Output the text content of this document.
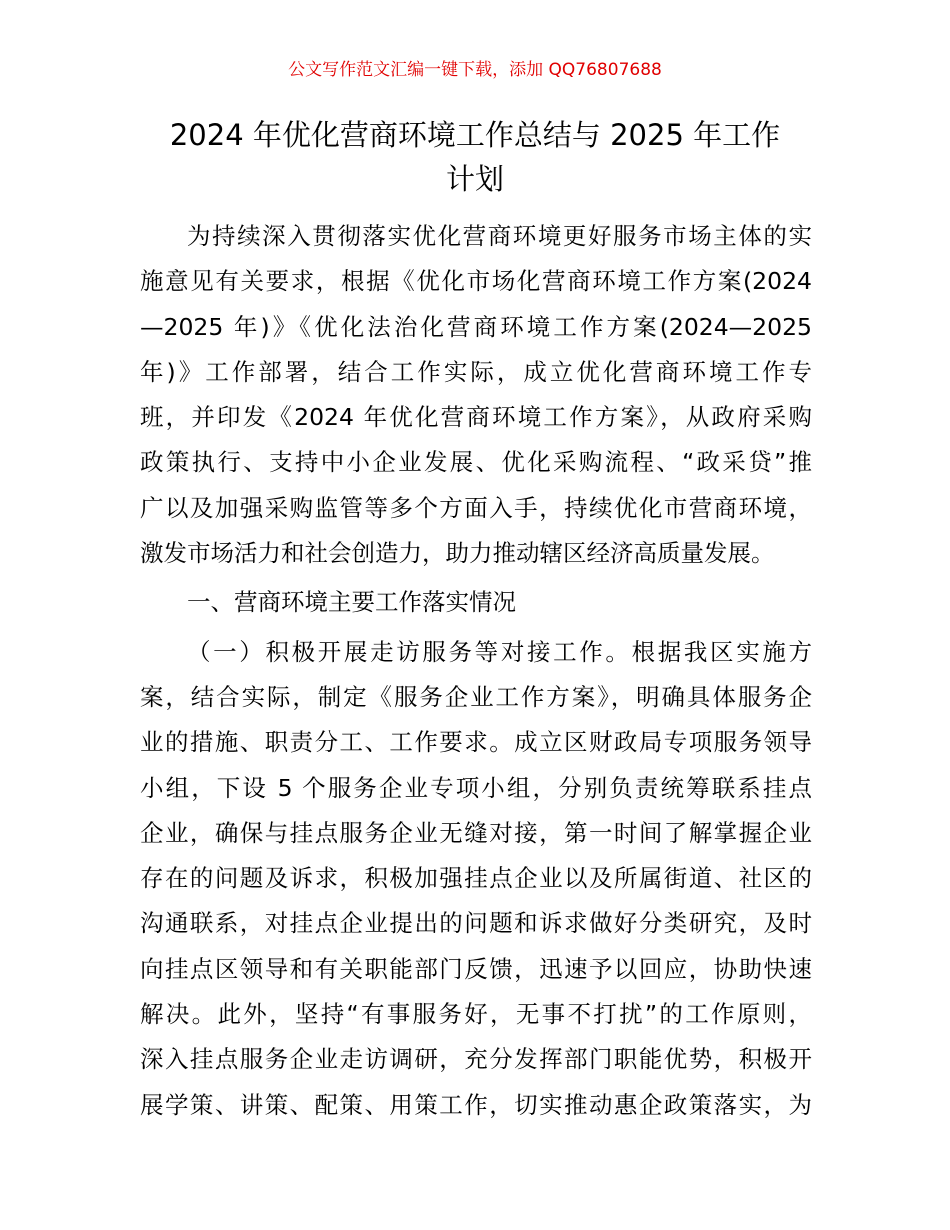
公文写作范文汇编一键下载，添加 QQ76807688
2024 年优化营商环境工作总结与 2025 年工作
计划
为持续深入贯彻落实优化营商环境更好服务市场主体的实
施意见有关要求，根据《优化市场化营商环境工作方案(2024
—2025 年)》《优化法治化营商环境工作方案(2024—2025
年)》工作部署，结合工作实际，成立优化营商环境工作专
班，并印发《2024 年优化营商环境工作方案》，从政府采购
政策执行、支持中小企业发展、优化采购流程、“政采贷”推
广以及加强采购监管等多个方面入手，持续优化市营商环境，
激发市场活力和社会创造力，助力推动辖区经济高质量发展。
一、营商环境主要工作落实情况
（一）积极开展走访服务等对接工作。根据我区实施方
案，结合实际，制定《服务企业工作方案》，明确具体服务企
业的措施、职责分工、工作要求。成立区财政局专项服务领导
小组，下设 5 个服务企业专项小组，分别负责统筹联系挂点
企业，确保与挂点服务企业无缝对接，第一时间了解掌握企业
存在的问题及诉求，积极加强挂点企业以及所属街道、社区的
沟通联系，对挂点企业提出的问题和诉求做好分类研究，及时
向挂点区领导和有关职能部门反馈，迅速予以回应，协助快速
解决。此外，坚持“有事服务好，无事不打扰”的工作原则，
深入挂点服务企业走访调研，充分发挥部门职能优势，积极开
展学策、讲策、配策、用策工作，切实推动惠企政策落实，为
